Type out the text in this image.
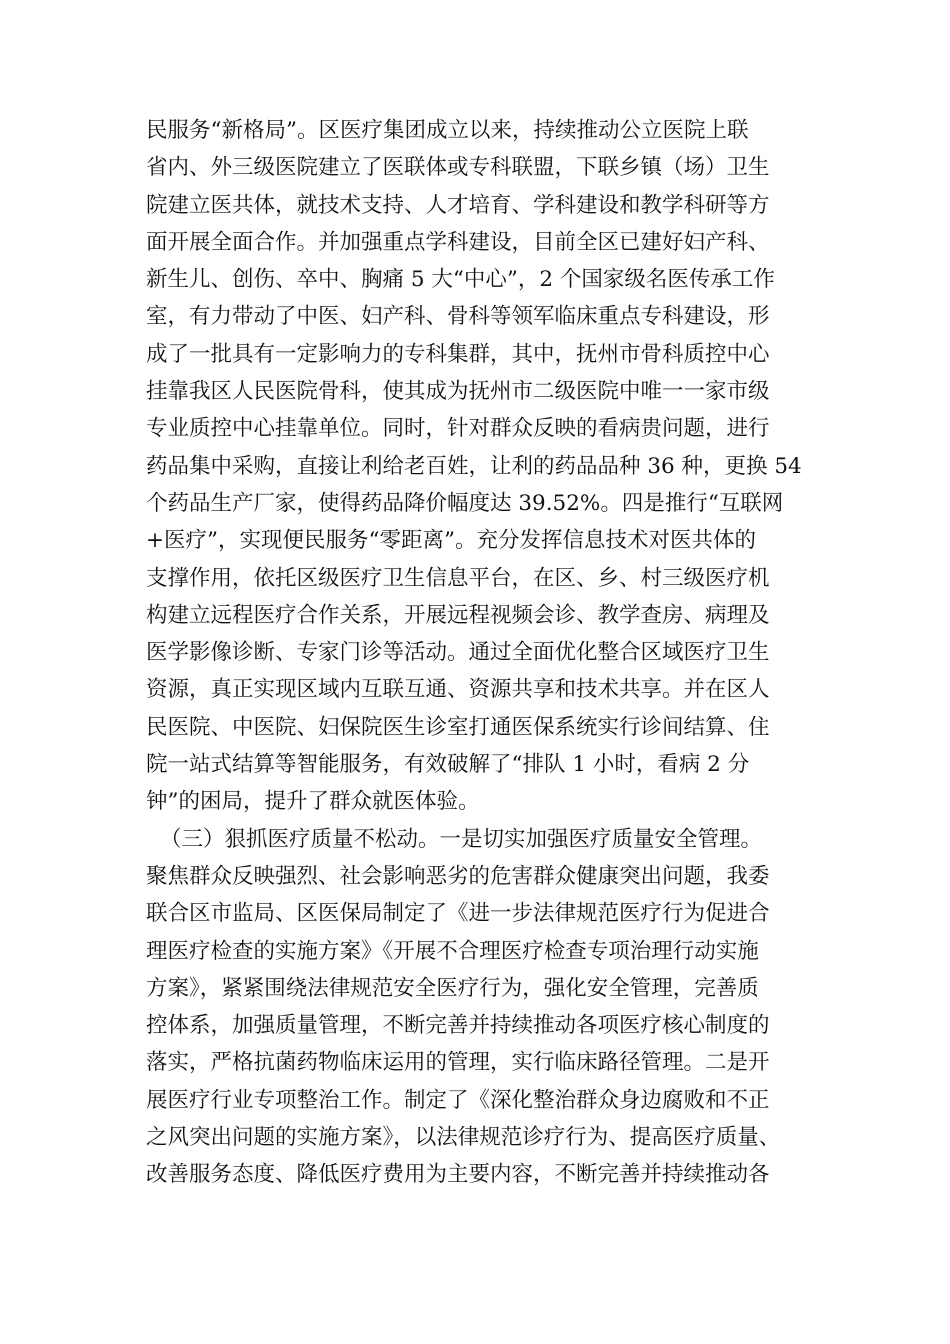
民服务“新格局”。区医疗集团成立以来，持续推动公立医院上联
省内、外三级医院建立了医联体或专科联盟，下联乡镇（场）卫生
院建立医共体，就技术支持、人才培育、学科建设和教学科研等方
面开展全面合作。并加强重点学科建设，目前全区已建好妇产科、
新生儿、创伤、卒中、胸痛 5 大“中心”，2 个国家级名医传承工作
室，有力带动了中医、妇产科、骨科等领军临床重点专科建设，形
成了一批具有一定影响力的专科集群，其中，抚州市骨科质控中心
挂靠我区人民医院骨科，使其成为抚州市二级医院中唯一一家市级
专业质控中心挂靠单位。同时，针对群众反映的看病贵问题，进行
药品集中采购，直接让利给老百姓，让利的药品品种 36 种，更换 54
个药品生产厂家，使得药品降价幅度达 39.52%。四是推行“互联网
+医疗”，实现便民服务“零距离”。充分发挥信息技术对医共体的
支撑作用，依托区级医疗卫生信息平台，在区、乡、村三级医疗机
构建立远程医疗合作关系，开展远程视频会诊、教学查房、病理及
医学影像诊断、专家门诊等活动。通过全面优化整合区域医疗卫生
资源，真正实现区域内互联互通、资源共享和技术共享。并在区人
民医院、中医院、妇保院医生诊室打通医保系统实行诊间结算、住
院一站式结算等智能服务，有效破解了“排队 1 小时，看病 2 分
钟”的困局，提升了群众就医体验。
（三）狠抓医疗质量不松动。一是切实加强医疗质量安全管理。
聚焦群众反映强烈、社会影响恶劣的危害群众健康突出问题，我委
联合区市监局、区医保局制定了《进一步法律规范医疗行为促进合
理医疗检查的实施方案》《开展不合理医疗检查专项治理行动实施
方案》，紧紧围绕法律规范安全医疗行为，强化安全管理，完善质
控体系，加强质量管理，不断完善并持续推动各项医疗核心制度的
落实，严格抗菌药物临床运用的管理，实行临床路径管理。二是开
展医疗行业专项整治工作。制定了《深化整治群众身边腐败和不正
之风突出问题的实施方案》，以法律规范诊疗行为、提高医疗质量、
改善服务态度、降低医疗费用为主要内容，不断完善并持续推动各
